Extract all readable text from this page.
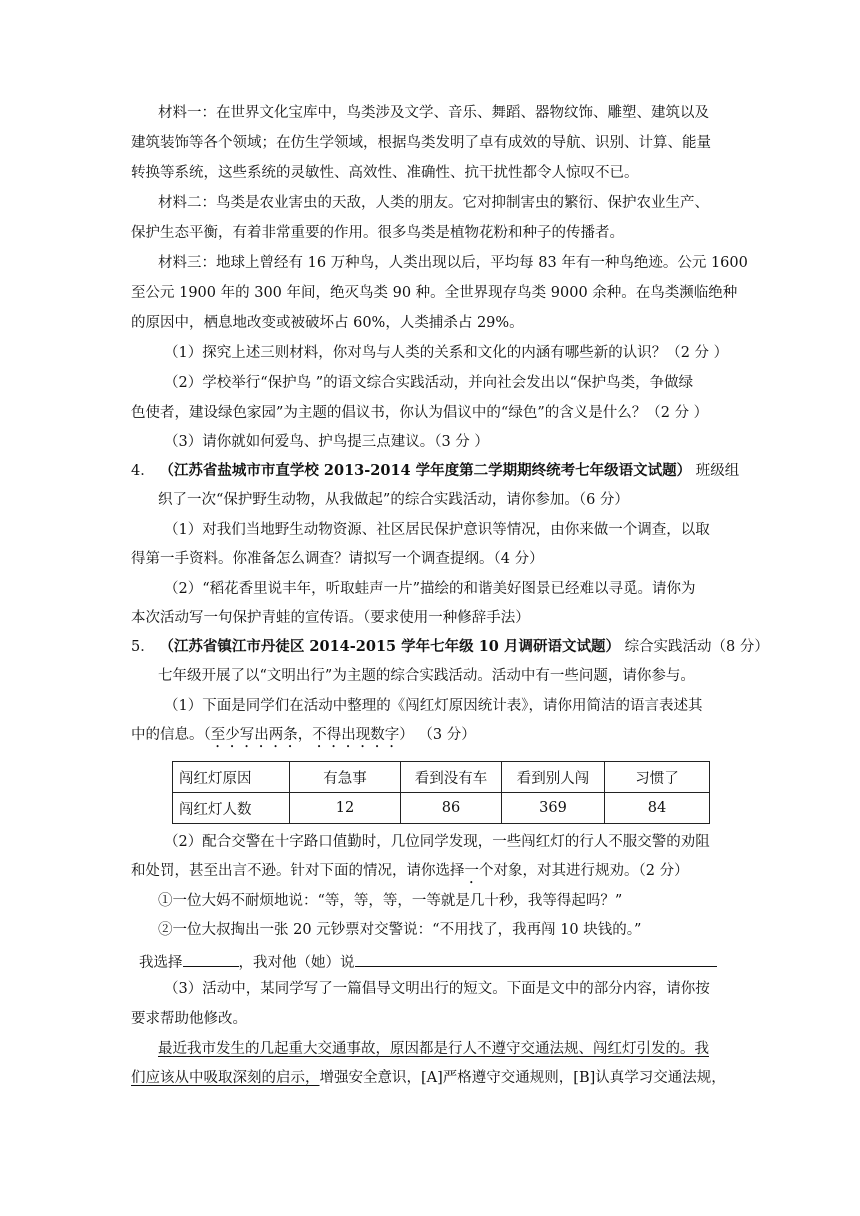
材料一：在世界文化宝库中，鸟类涉及文学、音乐、舞蹈、器物纹饰、雕塑、建筑以及
建筑装饰等各个领域；在仿生学领域，根据鸟类发明了卓有成效的导航、识别、计算、能量
转换等系统，这些系统的灵敏性、高效性、准确性、抗干扰性都令人惊叹不已。
材料二：鸟类是农业害虫的天敌，人类的朋友。它对抑制害虫的繁衍、保护农业生产、
保护生态平衡，有着非常重要的作用。很多鸟类是植物花粉和种子的传播者。
材料三：地球上曾经有 16 万种鸟，人类出现以后，平均每 83 年有一种鸟绝迹。公元 1600
至公元 1900 年的 300 年间，绝灭鸟类 90 种。全世界现存鸟类 9000 余种。在鸟类濒临绝种
的原因中，栖息地改变或被破坏占 60%，人类捕杀占 29%。
（1）探究上述三则材料，你对鸟与人类的关系和文化的内涵有哪些新的认识？（2 分 ）
（2）学校举行“保护鸟 ”的语文综合实践活动，并向社会发出以“保护鸟类，争做绿
色使者，建设绿色家园”为主题的倡议书，你认为倡议中的“绿色”的含义是什么？（2 分 ）
（3）请你就如何爱鸟、护鸟提三点建议。（3 分 ）
4． （江苏省盐城市市直学校 2013-2014 学年度第二学期期终统考七年级语文试题） 班级组
织了一次“保护野生动物，从我做起”的综合实践活动，请你参加。（6 分）
（1）对我们当地野生动物资源、社区居民保护意识等情况，由你来做一个调查，以取
得第一手资料。你准备怎么调查？请拟写一个调查提纲。（4 分）
（2）“稻花香里说丰年，听取蛙声一片”描绘的和谐美好图景已经难以寻觅。请你为
本次活动写一句保护青蛙的宣传语。（要求使用一种修辞手法）
5． （江苏省镇江市丹徒区 2014-2015 学年七年级 10 月调研语文试题） 综合实践活动（8 分）
七年级开展了以“文明出行”为主题的综合实践活动。活动中有一些问题，请你参与。
（1）下面是同学们在活动中整理的《闯红灯原因统计表》，请你用简洁的语言表述其
中的信息。（至少写出两条，不得出现数字） （3 分）
闯红灯原因	有急事	看到没有车	看到别人闯	习惯了
闯红灯人数	12	86	369	84
（2）配合交警在十字路口值勤时，几位同学发现，一些闯红灯的行人不服交警的劝阻
和处罚，甚至出言不逊。针对下面的情况，请你选择一个对象，对其进行规劝。（2 分）
①一位大妈不耐烦地说：“等，等，等，一等就是几十秒，我等得起吗？”
②一位大叔掏出一张 20 元钞票对交警说：“不用找了，我再闯 10 块钱的。”
我选择	，我对他（她）说
（3）活动中，某同学写了一篇倡导文明出行的短文。下面是文中的部分内容，请你按
要求帮助他修改。
最近我市发生的几起重大交通事故，原因都是行人不遵守交通法规、闯红灯引发的。我
们应该从中吸取深刻的启示，增强安全意识，[A]严格遵守交通规则，[B]认真学习交通法规，
